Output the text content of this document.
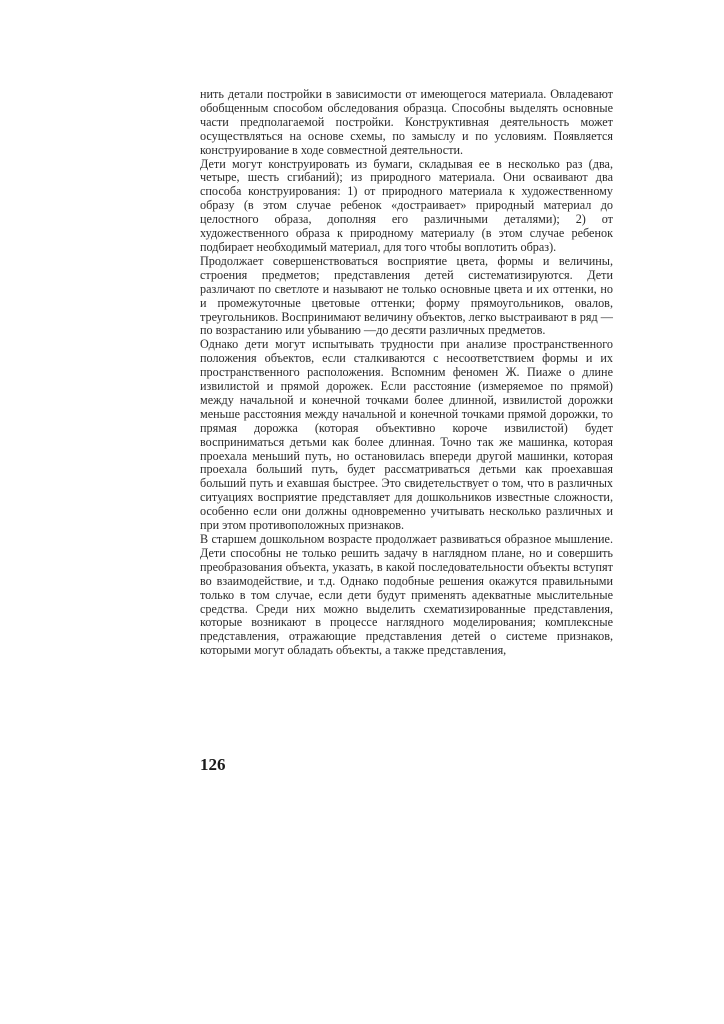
нить детали постройки в зависимости от имеющегося материала. Овладевают обобщенным способом обследования образца. Способны выделять основные части предполагаемой постройки. Конструктивная деятельность может осуществляться на основе схемы, по замыслу и по условиям. Появляется конструирование в ходе совместной деятельности.

Дети могут конструировать из бумаги, складывая ее в несколько раз (два, четыре, шесть сгибаний); из природного материала. Они осваивают два способа конструирования: 1) от природного материала к художественному образу (в этом случае ребенок «достраивает» природный материал до целостного образа, дополняя его различными деталями); 2) от художественного образа к природному материалу (в этом случае ребенок подбирает необходимый материал, для того чтобы воплотить образ).

Продолжает совершенствоваться восприятие цвета, формы и величины, строения предметов; представления детей систематизируются. Дети различают по светлоте и называют не только основные цвета и их оттенки, но и промежуточные цветовые оттенки; форму прямоугольников, овалов, треугольников. Воспринимают величину объектов, легко выстраивают в ряд —по возрастанию или убыванию —до десяти различных предметов.

Однако дети могут испытывать трудности при анализе пространственного положения объектов, если сталкиваются с несоответствием формы и их пространственного расположения. Вспомним феномен Ж. Пиаже о длине извилистой и прямой дорожек. Если расстояние (измеряемое по прямой) между начальной и конечной точками более длинной, извилистой дорожки меньше расстояния между начальной и конечной точками прямой дорожки, то прямая дорожка (которая объективно короче извилистой) будет восприниматься детьми как более длинная. Точно так же машинка, которая проехала меньший путь, но остановилась впереди другой машинки, которая проехала больший путь, будет рассматриваться детьми как проехавшая больший путь и ехавшая быстрее. Это свидетельствует о том, что в различных ситуациях восприятие представляет для дошкольников известные сложности, особенно если они должны одновременно учитывать несколько различных и при этом противоположных признаков.

В старшем дошкольном возрасте продолжает развиваться образное мышление. Дети способны не только решить задачу в наглядном плане, но и совершить преобразования объекта, указать, в какой последовательности объекты вступят во взаимодействие, и т.д. Однако подобные решения окажутся правильными только в том случае, если дети будут применять адекватные мыслительные средства. Среди них можно выделить схематизированные представления, которые возникают в процессе наглядного моделирования; комплексные представления, отражающие представления детей о системе признаков, которыми могут обладать объекты, а также представления,

126
